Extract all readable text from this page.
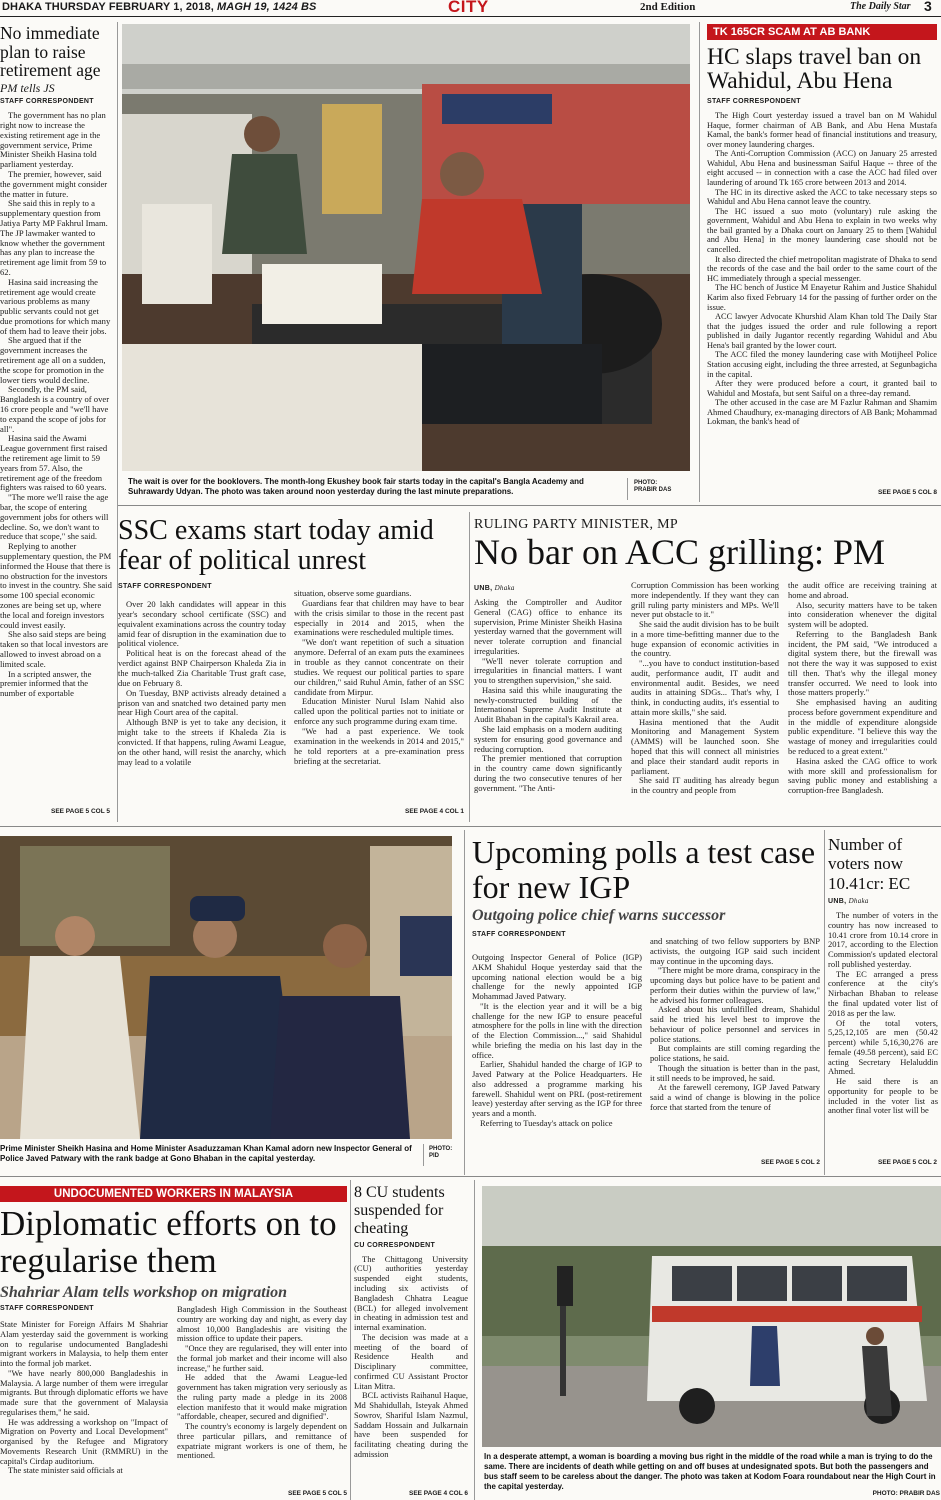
DHAKA THURSDAY FEBRUARY 1, 2018, MAGH 19, 1424 BS	CITY	2nd Edition	The Daily Star 3
No immediate plan to raise retirement age
PM tells JS
STAFF CORRESPONDENT

The government has no plan right now to increase the existing retirement age in the government service, Prime Minister Sheikh Hasina told parliament yesterday.

The premier, however, said the government might consider the matter in future.

She said this in reply to a supplementary question from Jatiya Party MP Fakhrul Imam. The JP lawmaker wanted to know whether the government has any plan to increase the retirement age limit from 59 to 62.

Hasina said increasing the retirement age would create various problems as many public servants could not get due promotions for which many of them had to leave their jobs.

She argued that if the government increases the retirement age all on a sudden, the scope for promotion in the lower tiers would decline.

Secondly, the PM said, Bangladesh is a country of over 16 crore people and "we'll have to expand the scope of jobs for all".

Hasina said the Awami League government first raised the retirement age limit to 59 years from 57. Also, the retirement age of the freedom fighters was raised to 60 years.

"The more we'll raise the age bar, the scope of entering government jobs for others will decline. So, we don't want to reduce that scope," she said.

Replying to another supplementary question, the PM informed the House that there is no obstruction for the investors to invest in the country. She said some 100 special economic zones are being set up, where the local and foreign investors could invest easily.

She also said steps are being taken so that local investors are allowed to invest abroad on a limited scale.

In a scripted answer, the premier informed that the number of exportable

SEE PAGE 5 COL 5
The wait is over for the booklovers. The month-long Ekushey book fair starts today in the capital's Bangla Academy and Suhrawardy Udyan. The photo was taken around noon yesterday during the last minute preparations.
PHOTO:
PRABIR DAS
TK 165CR SCAM AT AB BANK
HC slaps travel ban on Wahidul, Abu Hena
STAFF CORRESPONDENT

The High Court yesterday issued a travel ban on M Wahidul Haque, former chairman of AB Bank, and Abu Hena Mustafa Kamal, the bank's former head of financial institutions and treasury, over money laundering charges.

The Anti-Corruption Commission (ACC) on January 25 arrested Wahidul, Abu Hena and businessman Saiful Haque -- three of the eight accused -- in connection with a case the ACC had filed over laundering of around Tk 165 crore between 2013 and 2014.

The HC in its directive asked the ACC to take necessary steps so Wahidul and Abu Hena cannot leave the country.

The HC issued a suo moto (voluntary) rule asking the government, Wahidul and Abu Hena to explain in two weeks why the bail granted by a Dhaka court on January 25 to them [Wahidul and Abu Hena] in the money laundering case should not be cancelled.

It also directed the chief metropolitan magistrate of Dhaka to send the records of the case and the bail order to the same court of the HC immediately through a special messenger.

The HC bench of Justice M Enayetur Rahim and Justice Shahidul Karim also fixed February 14 for the passing of further order on the issue.

ACC lawyer Advocate Khurshid Alam Khan told The Daily Star that the judges issued the order and rule following a report published in daily Jugantor recently regarding Wahidul and Abu Hena's bail granted by the lower court.

The ACC filed the money laundering case with Motijheel Police Station accusing eight, including the three arrested, at Segunbagicha in the capital.

After they were produced before a court, it granted bail to Wahidul and Mostafa, but sent Saiful on a three-day remand.

The other accused in the case are M Fazlur Rahman and Shamim Ahmed Chaudhury, ex-managing directors of AB Bank; Mohammad Lokman, the bank's head of

SEE PAGE 5 COL 8
SSC exams start today amid fear of political unrest
STAFF CORRESPONDENT

Over 20 lakh candidates will appear in this year's secondary school certificate (SSC) and equivalent examinations across the country today amid fear of disruption in the examination due to political violence.

Political heat is on the forecast ahead of the verdict against BNP Chairperson Khaleda Zia in the much-talked Zia Charitable Trust graft case, due on February 8.

On Tuesday, BNP activists already detained a prison van and snatched two detained party men near High Court area of the capital.

Although BNP is yet to take any decision, it might take to the streets if Khaleda Zia is convicted. If that happens, ruling Awami League, on the other hand, will resist the anarchy, which may lead to a volatile

situation, observe some guardians.

Guardians fear that children may have to bear with the crisis similar to those in the recent past especially in 2014 and 2015, when the examinations were rescheduled multiple times.

"We don't want repetition of such a situation anymore. Deferral of an exam puts the examinees in trouble as they cannot concentrate on their studies. We request our political parties to spare our children," said Ruhul Amin, father of an SSC candidate from Mirpur.

Education Minister Nurul Islam Nahid also called upon the political parties not to initiate or enforce any such programme during exam time.

"We had a past experience. We took examination in the weekends in 2014 and 2015," he told reporters at a pre-examination press briefing at the secretariat.

SEE PAGE 4 COL 1
RULING PARTY MINISTER, MP
No bar on ACC grilling: PM
UNB, Dhaka

Asking the Comptroller and Auditor General (CAG) office to enhance its supervision, Prime Minister Sheikh Hasina yesterday warned that the government will never tolerate corruption and financial irregularities.

"We'll never tolerate corruption and irregularities in financial matters. I want you to strengthen supervision," she said.

Hasina said this while inaugurating the newly-constructed building of the International Supreme Audit Institute at Audit Bhaban in the capital's Kakrail area.

She laid emphasis on a modern auditing system for ensuring good governance and reducing corruption.

The premier mentioned that corruption in the country came down significantly during the two consecutive tenures of her government. "The Anti-

Corruption Commission has been working more independently. If they want they can grill ruling party ministers and MPs. We'll never put obstacle to it."

She said the audit division has to be built in a more time-befitting manner due to the huge expansion of economic activities in the country.

"...you have to conduct institution-based audit, performance audit, IT audit and environmental audit. Besides, we need audits in attaining SDGs... That's why, I think, in conducting audits, it's essential to attain more skills," she said.

Hasina mentioned that the Audit Monitoring and Management System (AMMS) will be launched soon. She hoped that this will connect all ministries and place their standard audit reports in parliament.

She said IT auditing has already begun in the country and people from

the audit office are receiving training at home and abroad.

Also, security matters have to be taken into consideration whenever the digital system will be adopted.

Referring to the Bangladesh Bank incident, the PM said, "We introduced a digital system there, but the firewall was not there the way it was supposed to exist till then. That's why the illegal money transfer occurred. We need to look into those matters properly."

She emphasised having an auditing process before government expenditure and in the middle of expenditure alongside public expenditure. "I believe this way the wastage of money and irregularities could be reduced to a great extent."

Hasina asked the CAG office to work with more skill and professionalism for saving public money and establishing a corruption-free Bangladesh.

Prime Minister Sheikh Hasina and Home Minister Asaduzzaman Khan Kamal adorn new Inspector General of Police Javed Patwary with the rank badge at Gono Bhaban in the capital yesterday.
PHOTO:
PID
Upcoming polls a test case for new IGP
Outgoing police chief warns successor
STAFF CORRESPONDENT

Outgoing Inspector General of Police (IGP) AKM Shahidul Hoque yesterday said that the upcoming national election would be a big challenge for the newly appointed IGP Mohammad Javed Patwary.

"It is the election year and it will be a big challenge for the new IGP to ensure peaceful atmosphere for the polls in line with the direction of the Election Commission...," said Shahidul while briefing the media on his last day in the office.

Earlier, Shahidul handed the charge of IGP to Javed Patwary at the Police Headquarters. He also addressed a programme marking his farewell. Shahidul went on PRL (post-retirement leave) yesterday after serving as the IGP for three years and a month.

Referring to Tuesday's attack on police

and snatching of two fellow supporters by BNP activists, the outgoing IGP said such incident may continue in the upcoming days.

"There might be more drama, conspiracy in the upcoming days but police have to be patient and perform their duties within the purview of law," he advised his former colleagues.

Asked about his unfulfilled dream, Shahidul said he tried his level best to improve the behaviour of police personnel and services in police stations.

But complaints are still coming regarding the police stations, he said.

Though the situation is better than in the past, it still needs to be improved, he said.

At the farewell ceremony, IGP Javed Patwary said a wind of change is blowing in the police force that started from the tenure of

SEE PAGE 5 COL 2
Number of voters now 10.41cr: EC
UNB, Dhaka

The number of voters in the country has now increased to 10.41 crore from 10.14 crore in 2017, according to the Election Commission's updated electoral roll published yesterday.

The EC arranged a press conference at the city's Nirbachan Bhaban to release the final updated voter list of 2018 as per the law.

Of the total voters, 5,25,12,105 are men (50.42 percent) while 5,16,30,276 are female (49.58 percent), said EC acting Secretary Helaluddin Ahmed.

He said there is an opportunity for people to be included in the voter list as another final voter list will be

SEE PAGE 5 COL 2
UNDOCUMENTED WORKERS IN MALAYSIA
Diplomatic efforts on to regularise them
Shahriar Alam tells workshop on migration
STAFF CORRESPONDENT

State Minister for Foreign Affairs M Shahriar Alam yesterday said the government is working on to regularise undocumented Bangladeshi migrant workers in Malaysia, to help them enter into the formal job market.

"We have nearly 800,000 Bangladeshis in Malaysia. A large number of them were irregular migrants. But through diplomatic efforts we have made sure that the government of Malaysia regularises them," he said.

He was addressing a workshop on "Impact of Migration on Poverty and Local Development" organised by the Refugee and Migratory Movements Research Unit (RMMRU) in the capital's Cirdap auditorium.

The state minister said officials at

Bangladesh High Commission in the Southeast country are working day and night, as every day almost 10,000 Bangladeshis are visiting the mission office to update their papers.

"Once they are regularised, they will enter into the formal job market and their income will also increase," he further said.

He added that the Awami League-led government has taken migration very seriously as the ruling party made a pledge in its 2008 election manifesto that it would make migration "affordable, cheaper, secured and dignified".

The country's economy is largely dependent on three particular pillars, and remittance of expatriate migrant workers is one of them, he mentioned.

SEE PAGE 5 COL 5
8 CU students suspended for cheating
CU CORRESPONDENT

The Chittagong University (CU) authorities yesterday suspended eight students, including six activists of Bangladesh Chhatra League (BCL) for alleged involvement in cheating in admission test and internal examination.

The decision was made at a meeting of the board of Residence Health and Disciplinary committee, confirmed CU Assistant Proctor Litan Mitra.

BCL activists Raihanul Haque, Md Shahidullah, Isteyak Ahmed Sowrov, Shariful Islam Nazmul, Saddam Hossain and Julkarnain have been suspended for facilitating cheating during the admission

SEE PAGE 4 COL 6
In a desperate attempt, a woman is boarding a moving bus right in the middle of the road while a man is trying to do the same. There are incidents of death while getting on and off buses at undesignated spots. But both the passengers and bus staff seem to be careless about the danger. The photo was taken at Kodom Foara roundabout near the High Court in the capital yesterday.
PHOTO: PRABIR DAS
